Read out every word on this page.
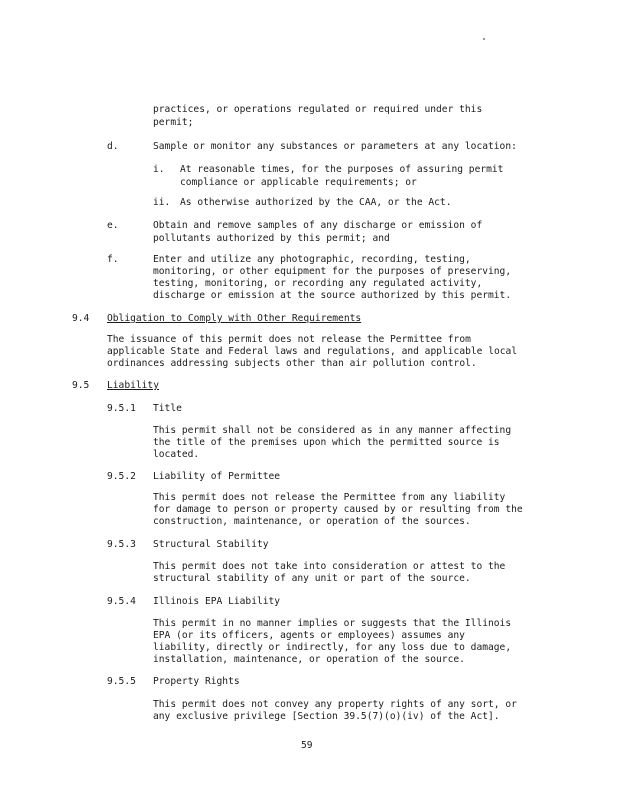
practices, or operations regulated or required under this
permit;
d.	Sample or monitor any substances or parameters at any location:
i. At reasonable times, for the purposes of assuring permit
compliance or applicable requirements; or
ii. As otherwise authorized by the CAA, or the Act.
e.	Obtain and remove samples of any discharge or emission of
pollutants authorized by this permit; and
f.	Enter and utilize any photographic, recording, testing,
monitoring, or other equipment for the purposes of preserving,
testing, monitoring, or recording any regulated activity,
discharge or emission at the source authorized by this permit.
9.4 Obligation to Comply with Other Requirements
The issuance of this permit does not release the Permittee from
applicable State and Federal laws and regulations, and applicable local
ordinances addressing subjects other than air pollution control.
9.5 Liability
9.5.1 Title
This permit shall not be considered as in any manner affecting
the title of the premises upon which the permitted source is
located.
9.5.2 Liability of Permittee
This permit does not release the Permittee from any liability
for damage to person or property caused by or resulting from the
construction, maintenance, or operation of the sources.
9.5.3 Structural Stability
This permit does not take into consideration or attest to the
structural stability of any unit or part of the source.
9.5.4 Illinois EPA Liability
This permit in no manner implies or suggests that the Illinois
EPA (or its officers, agents or employees) assumes any
liability, directly or indirectly, for any loss due to damage,
installation, maintenance, or operation of the source.
9.5.5 Property Rights
This permit does not convey any property rights of any sort, or
any exclusive privilege [Section 39.5(7)(o)(iv) of the Act].
59
